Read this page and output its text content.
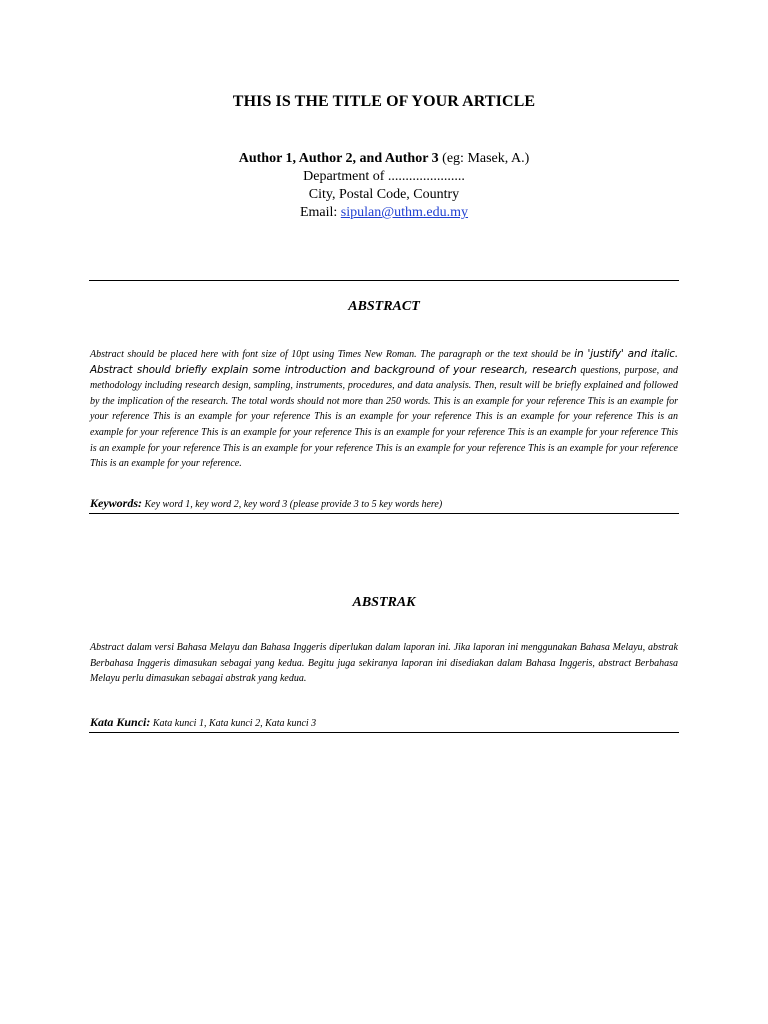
THIS IS THE TITLE OF YOUR ARTICLE
Author 1, Author 2, and Author 3 (eg: Masek, A.)
Department of ......................
City, Postal Code, Country
Email: sipulan@uthm.edu.my
ABSTRACT
Abstract should be placed here with font size of 10pt using Times New Roman. The paragraph or the text should be in 'justify' and italic. Abstract should briefly explain some introduction and background of your research, research questions, purpose, and methodology including research design, sampling, instruments, procedures, and data analysis. Then, result will be briefly explained and followed by the implication of the research. The total words should not more than 250 words. This is an example for your reference This is an example for your reference This is an example for your reference This is an example for your reference This is an example for your reference This is an example for your reference This is an example for your reference This is an example for your reference This is an example for your reference This is an example for your reference This is an example for your reference This is an example for your reference This is an example for your reference This is an example for your reference.
Keywords: Key word 1, key word 2, key word 3 (please provide 3 to 5 key words here)
ABSTRAK
Abstract dalam versi Bahasa Melayu dan Bahasa Inggeris diperlukan dalam laporan ini. Jika laporan ini menggunakan Bahasa Melayu, abstrak Berbahasa Inggeris dimasukan sebagai yang kedua. Begitu juga sekiranya laporan ini disediakan dalam Bahasa Inggeris, abstract Berbahasa Melayu perlu dimasukan sebagai abstrak yang kedua.
Kata Kunci: Kata kunci 1, Kata kunci 2, Kata kunci 3
